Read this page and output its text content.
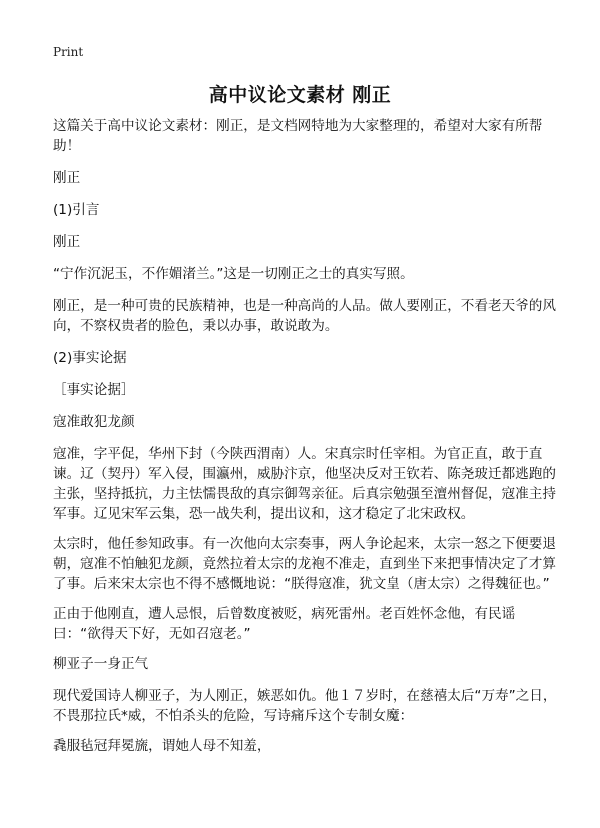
Print
高中议论文素材 刚正

这篇关于高中议论文素材：刚正，是文档网特地为大家整理的，希望对大家有所帮助！

刚正

(1)引言

刚正

“宁作沉泥玉，不作媚渚兰。”这是一切刚正之士的真实写照。

刚正，是一种可贵的民族精神，也是一种高尚的人品。做人要刚正，不看老天爷的风向，不察权贵者的脸色，秉以办事，敢说敢为。

(2)事实论据

［事实论据］

寇准敢犯龙颜

寇准，字平促，华州下封（今陕西渭南）人。宋真宗时任宰相。为官正直，敢于直谏。辽（契丹）军入侵，围瀛州，威胁汴京，他坚决反对王钦若、陈尧玻迁都逃跑的主张，坚持抵抗，力主怯懦畏敌的真宗御驾亲征。后真宗勉强至澶州督促，寇准主持军事。辽见宋军云集，恐一战失利，提出议和，这才稳定了北宋政权。

太宗时，他任参知政事。有一次他向太宗奏事，两人争论起来，太宗一怒之下便要退朝，寇准不怕触犯龙颜，竟然拉着太宗的龙袍不准走，直到坐下来把事情决定了才算了事。后来宋太宗也不得不感慨地说：“朕得寇准，犹文皇（唐太宗）之得魏征也。”

正由于他刚直，遭人忌恨，后曾数度被贬，病死雷州。老百姓怀念他，有民谣曰：“欲得天下好，无如召寇老。”

柳亚子一身正气

现代爱国诗人柳亚子，为人刚正，嫉恶如仇。他１７岁时，在慈禧太后“万寿”之日，不畏那拉氏*威，不怕杀头的危险，写诗痛斥这个专制女魔：

毳服毡冠拜冕旒，谓她人母不知羞，
